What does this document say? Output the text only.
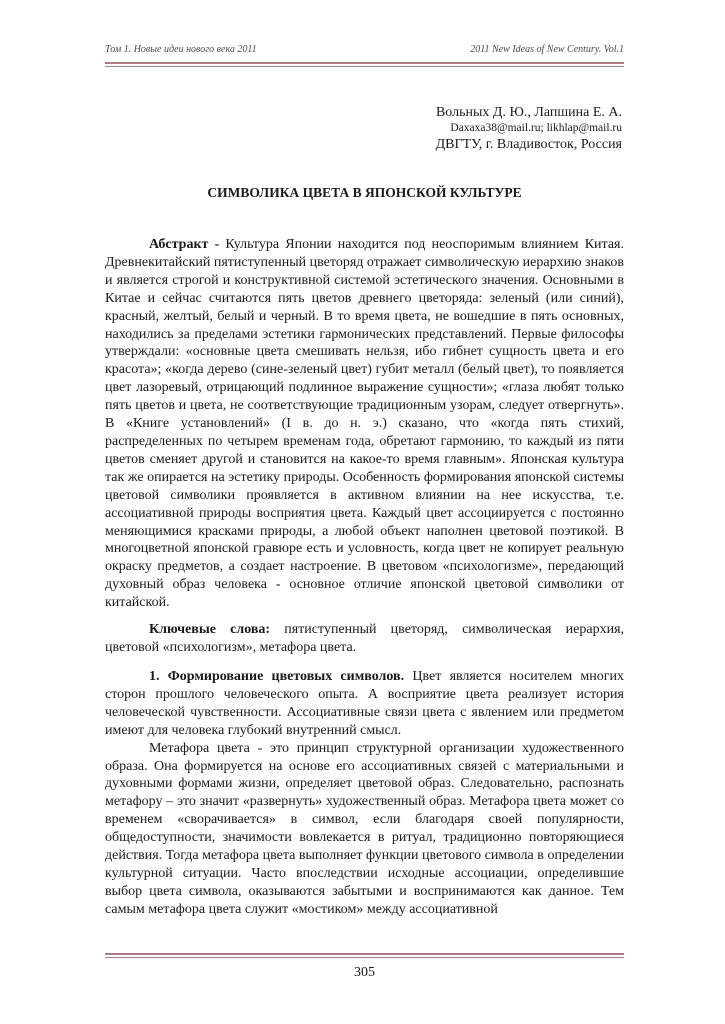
Том 1. Новые идеи нового века 2011	2011 New Ideas of New Century. Vol.1
Вольных Д. Ю., Лапшина Е. А.
Daxaxa38@mail.ru; likhlap@mail.ru
ДВГТУ, г. Владивосток, Россия
СИМВОЛИКА ЦВЕТА В ЯПОНСКОЙ КУЛЬТУРЕ

Абстракт - Культура Японии находится под неоспоримым влиянием Китая. Древнекитайский пятиступенный цветоряд отражает символическую иерархию знаков и является строгой и конструктивной системой эстетического значения. Основными в Китае и сейчас считаются пять цветов древнего цветоряда: зеленый (или синий), красный, желтый, белый и черный. В то время цвета, не вошедшие в пять основных, находились за пределами эстетики гармонических представлений. Первые философы утверждали: «основные цвета смешивать нельзя, ибо гибнет сущность цвета и его красота»; «когда дерево (сине-зеленый цвет) губит металл (белый цвет), то появляется цвет лазоревый, отрицающий подлинное выражение сущности»; «глаза любят только пять цветов и цвета, не соответствующие традиционным узорам, следует отвергнуть». В «Книге установлений» (I в. до н. э.) сказано, что «когда пять стихий, распределенных по четырем временам года, обретают гармонию, то каждый из пяти цветов сменяет другой и становится на какое-то время главным». Японская культура так же опирается на эстетику природы. Особенность формирования японской системы цветовой символики проявляется в активном влиянии на нее искусства, т.е. ассоциативной природы восприятия цвета. Каждый цвет ассоциируется с постоянно меняющимися красками природы, а любой объект наполнен цветовой поэтикой. В многоцветной японской гравюре есть и условность, когда цвет не копирует реальную окраску предметов, а создает настроение. В цветовом «психологизме», передающий духовный образ человека - основное отличие японской цветовой символики от китайской.

Ключевые слова: пятиступенный цветоряд, символическая иерархия, цветовой «психологизм», метафора цвета.

1. Формирование цветовых символов. Цвет является носителем многих сторон прошлого человеческого опыта. А восприятие цвета реализует история человеческой чувственности. Ассоциативные связи цвета с явлением или предметом имеют для человека глубокий внутренний смысл.

Метафора цвета - это принцип структурной организации художественного образа. Она формируется на основе его ассоциативных связей с материальными и духовными формами жизни, определяет цветовой образ. Следовательно, распознать метафору – это значит «развернуть» художественный образ. Метафора цвета может со временем «сворачивается» в символ, если благодаря своей популярности, общедоступности, значимости вовлекается в ритуал, традиционно повторяющиеся действия. Тогда метафора цвета выполняет функции цветового символа в определении культурной ситуации. Часто впоследствии исходные ассоциации, определившие выбор цвета символа, оказываются забытыми и воспринимаются как данное. Тем самым метафора цвета служит «мостиком» между ассоциативной

305
